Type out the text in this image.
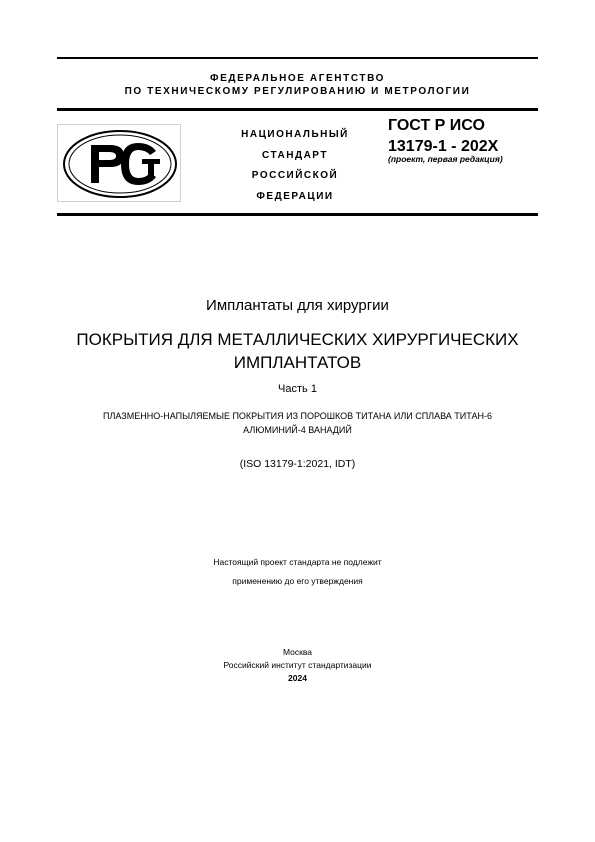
ФЕДЕРАЛЬНОЕ АГЕНТСТВО
ПО ТЕХНИЧЕСКОМУ РЕГУЛИРОВАНИЮ И МЕТРОЛОГИИ
НАЦИОНАЛЬНЫЙ
СТАНДАРТ
РОССИЙСКОЙ
ФЕДЕРАЦИИ
ГОСТ Р ИСО
13179-1 - 202Х
(проект, первая редакция)
Имплантаты для хирургии
ПОКРЫТИЯ ДЛЯ МЕТАЛЛИЧЕСКИХ ХИРУРГИЧЕСКИХ
ИМПЛАНТАТОВ
Часть 1
ПЛАЗМЕННО-НАПЫЛЯЕМЫЕ ПОКРЫТИЯ ИЗ ПОРОШКОВ ТИТАНА ИЛИ СПЛАВА ТИТАН-6
АЛЮМИНИЙ-4 ВАНАДИЙ
(ISO 13179-1:2021, IDT)
Настоящий проект стандарта не подлежит
применению до его утверждения
Москва
Российский институт стандартизации
2024
